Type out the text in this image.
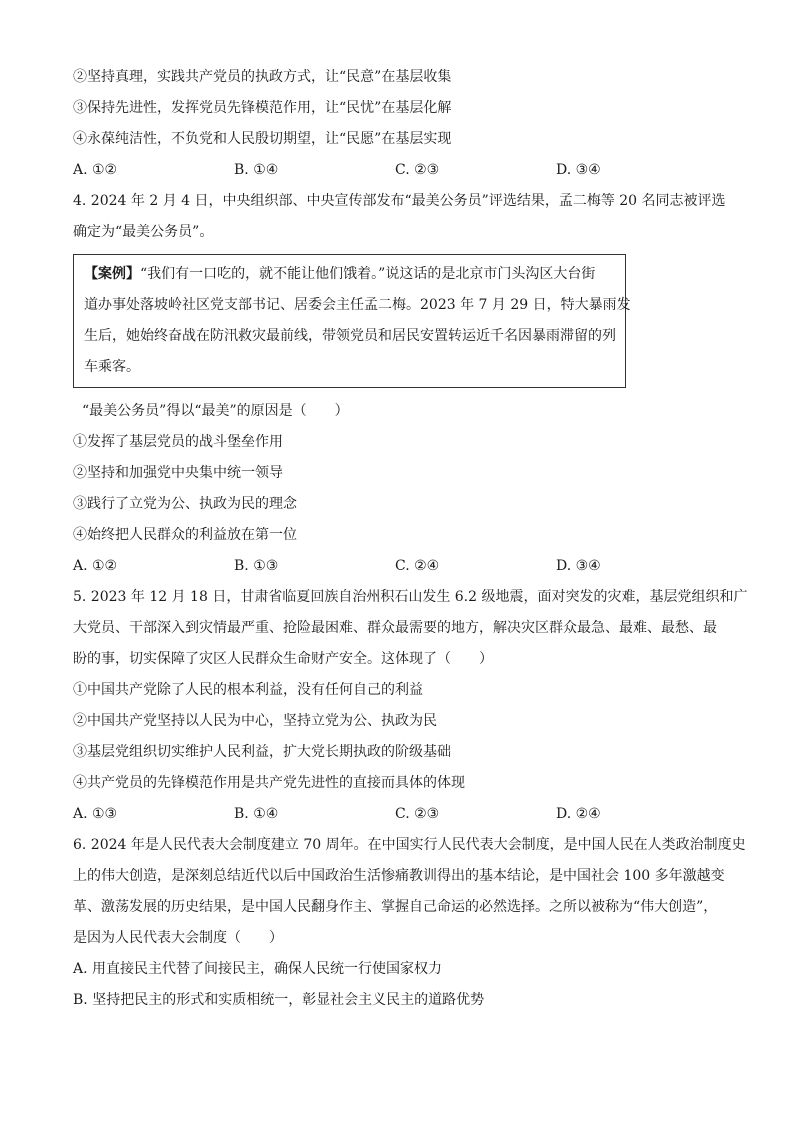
②坚持真理，实践共产党员的执政方式，让“民意”在基层收集
③保持先进性，发挥党员先锋模范作用，让“民忧”在基层化解
④永葆纯洁性，不负党和人民殷切期望，让“民愿”在基层实现
A. ①②	B. ①④	C. ②③	D. ③④
4. 2024 年 2 月 4 日，中央组织部、中央宣传部发布“最美公务员”评选结果，孟二梅等 20 名同志被评选
确定为“最美公务员”。
【案例】“我们有一口吃的，就不能让他们饿着。”说这话的是北京市门头沟区大台街
道办事处落坡岭社区党支部书记、居委会主任孟二梅。2023 年 7 月 29 日，特大暴雨发
生后，她始终奋战在防汛救灾最前线，带领党员和居民安置转运近千名因暴雨滞留的列
车乘客。
“最美公务员”得以“最美”的原因是（　　）
①发挥了基层党员的战斗堡垒作用
②坚持和加强党中央集中统一领导
③践行了立党为公、执政为民的理念
④始终把人民群众的利益放在第一位
A. ①②	B. ①③	C. ②④	D. ③④
5. 2023 年 12 月 18 日，甘肃省临夏回族自治州积石山发生 6.2 级地震，面对突发的灾难，基层党组织和广
大党员、干部深入到灾情最严重、抢险最困难、群众最需要的地方，解决灾区群众最急、最难、最愁、最
盼的事，切实保障了灾区人民群众生命财产安全。这体现了（　　）
①中国共产党除了人民的根本利益，没有任何自己的利益
②中国共产党坚持以人民为中心，坚持立党为公、执政为民
③基层党组织切实维护人民利益，扩大党长期执政的阶级基础
④共产党员的先锋模范作用是共产党先进性的直接而具体的体现
A. ①③	B. ①④	C. ②③	D. ②④
6. 2024 年是人民代表大会制度建立 70 周年。在中国实行人民代表大会制度，是中国人民在人类政治制度史
上的伟大创造，是深刻总结近代以后中国政治生活惨痛教训得出的基本结论，是中国社会 100 多年激越变
革、激荡发展的历史结果，是中国人民翻身作主、掌握自己命运的必然选择。之所以被称为“伟大创造”，
是因为人民代表大会制度（　　）
A. 用直接民主代替了间接民主，确保人民统一行使国家权力
B. 坚持把民主的形式和实质相统一，彰显社会主义民主的道路优势
